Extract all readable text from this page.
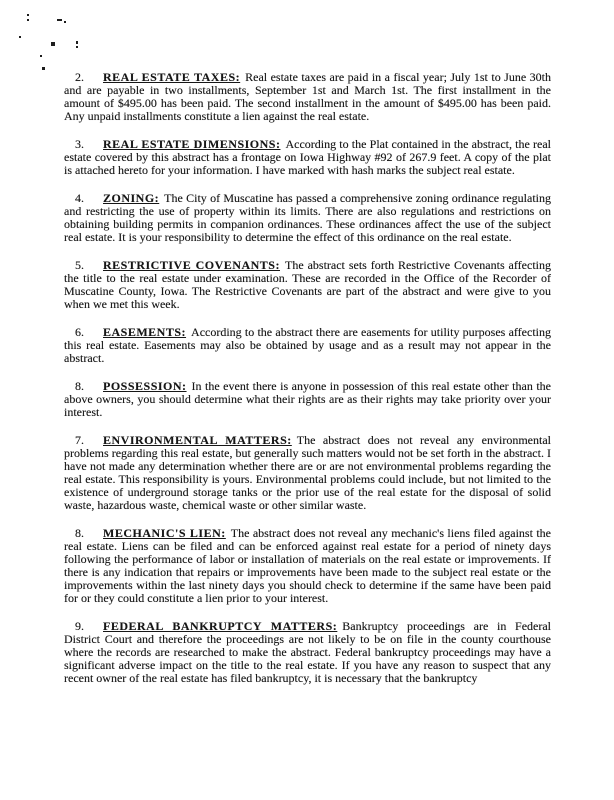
2. REAL ESTATE TAXES: Real estate taxes are paid in a fiscal year; July 1st to June 30th and are payable in two installments, September 1st and March 1st. The first installment in the amount of $495.00 has been paid. The second installment in the amount of $495.00 has been paid. Any unpaid installments constitute a lien against the real estate.

3. REAL ESTATE DIMENSIONS: According to the Plat contained in the abstract, the real estate covered by this abstract has a frontage on Iowa Highway #92 of 267.9 feet. A copy of the plat is attached hereto for your information. I have marked with hash marks the subject real estate.

4. ZONING: The City of Muscatine has passed a comprehensive zoning ordinance regulating and restricting the use of property within its limits. There are also regulations and restrictions on obtaining building permits in companion ordinances. These ordinances affect the use of the subject real estate. It is your responsibility to determine the effect of this ordinance on the real estate.

5. RESTRICTIVE COVENANTS: The abstract sets forth Restrictive Covenants affecting the title to the real estate under examination. These are recorded in the Office of the Recorder of Muscatine County, Iowa. The Restrictive Covenants are part of the abstract and were give to you when we met this week.

6. EASEMENTS: According to the abstract there are easements for utility purposes affecting this real estate. Easements may also be obtained by usage and as a result may not appear in the abstract.

8. POSSESSION: In the event there is anyone in possession of this real estate other than the above owners, you should determine what their rights are as their rights may take priority over your interest.

7. ENVIRONMENTAL MATTERS: The abstract does not reveal any environmental problems regarding this real estate, but generally such matters would not be set forth in the abstract. I have not made any determination whether there are or are not environmental problems regarding the real estate. This responsibility is yours. Environmental problems could include, but not limited to the existence of underground storage tanks or the prior use of the real estate for the disposal of solid waste, hazardous waste, chemical waste or other similar waste.

8. MECHANIC'S LIEN: The abstract does not reveal any mechanic's liens filed against the real estate. Liens can be filed and can be enforced against real estate for a period of ninety days following the performance of labor or installation of materials on the real estate or improvements. If there is any indication that repairs or improvements have been made to the subject real estate or the improvements within the last ninety days you should check to determine if the same have been paid for or they could constitute a lien prior to your interest.

9. FEDERAL BANKRUPTCY MATTERS: Bankruptcy proceedings are in Federal District Court and therefore the proceedings are not likely to be on file in the county courthouse where the records are researched to make the abstract. Federal bankruptcy proceedings may have a significant adverse impact on the title to the real estate. If you have any reason to suspect that any recent owner of the real estate has filed bankruptcy, it is necessary that the bankruptcy
